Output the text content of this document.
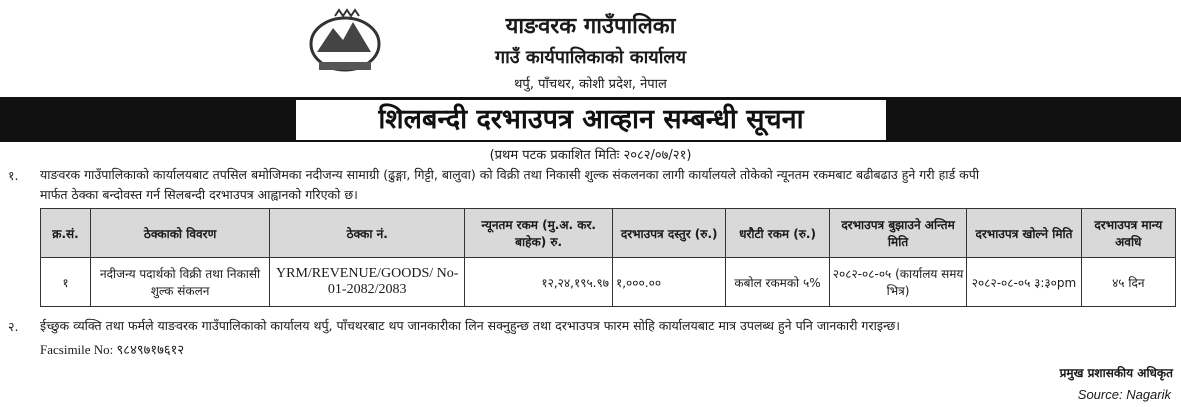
याङवरक गाउँपालिका
गाउँ कार्यपालिकाको कार्यालय
थर्पु, पाँचथर, कोशी प्रदेश, नेपाल
शिलबन्दी दरभाउपत्र आव्हान सम्बन्धी सूचना
(प्रथम पटक प्रकाशित मितिः २०८२/०७/२१)
१. याङवरक गाउँपालिकाको कार्यालयबाट तपसिल बमोजिमका नदीजन्य सामाग्री (ढुङ्गा, गिट्टी, बालुवा) को विक्री तथा निकासी शुल्क संकलनका लागी कार्यालयले तोकेको न्यूनतम रकमबाट बढीबढाउ हुने गरी हार्ड कपी
मार्फत ठेक्का बन्दोवस्त गर्न सिलबन्दी दरभाउपत्र आह्वानको गरिएको छ।
क्र.सं.	ठेक्काको विवरण	ठेक्का नं.	न्यूनतम रकम (मु.अ. कर. बाहेक) रु.	दरभाउपत्र दस्तुर (रु.)	धरौटी रकम (रु.)	दरभाउपत्र बुझाउने अन्तिम मिति	दरभाउपत्र खोल्ने मिति	दरभाउपत्र मान्य अवधि
१	नदीजन्य पदार्थको विक्री तथा निकासी शुल्क संकलन	YRM/REVENUE/GOODS/ No-01-2082/2083	१२,२४,१९५.९७	१,०००.००	कबोल रकमको ५%	२०८२-०८-०५ (कार्यालय समय भित्र)	२०८२-०८-०५ ३:३०pm	४५ दिन
२. ईच्छुक व्यक्ति तथा फर्मले याङवरक गाउँपालिकाको कार्यालय थर्पु, पाँचथरबाट थप जानकारीका लिन सक्नुहुन्छ तथा दरभाउपत्र फारम सोहि कार्यालयबाट मात्र उपलब्ध हुने पनि जानकारी गराइन्छ।
Facsimile No: ९८४९७१७६१२
प्रमुख प्रशासकीय अधिकृत
Source: Nagarik
